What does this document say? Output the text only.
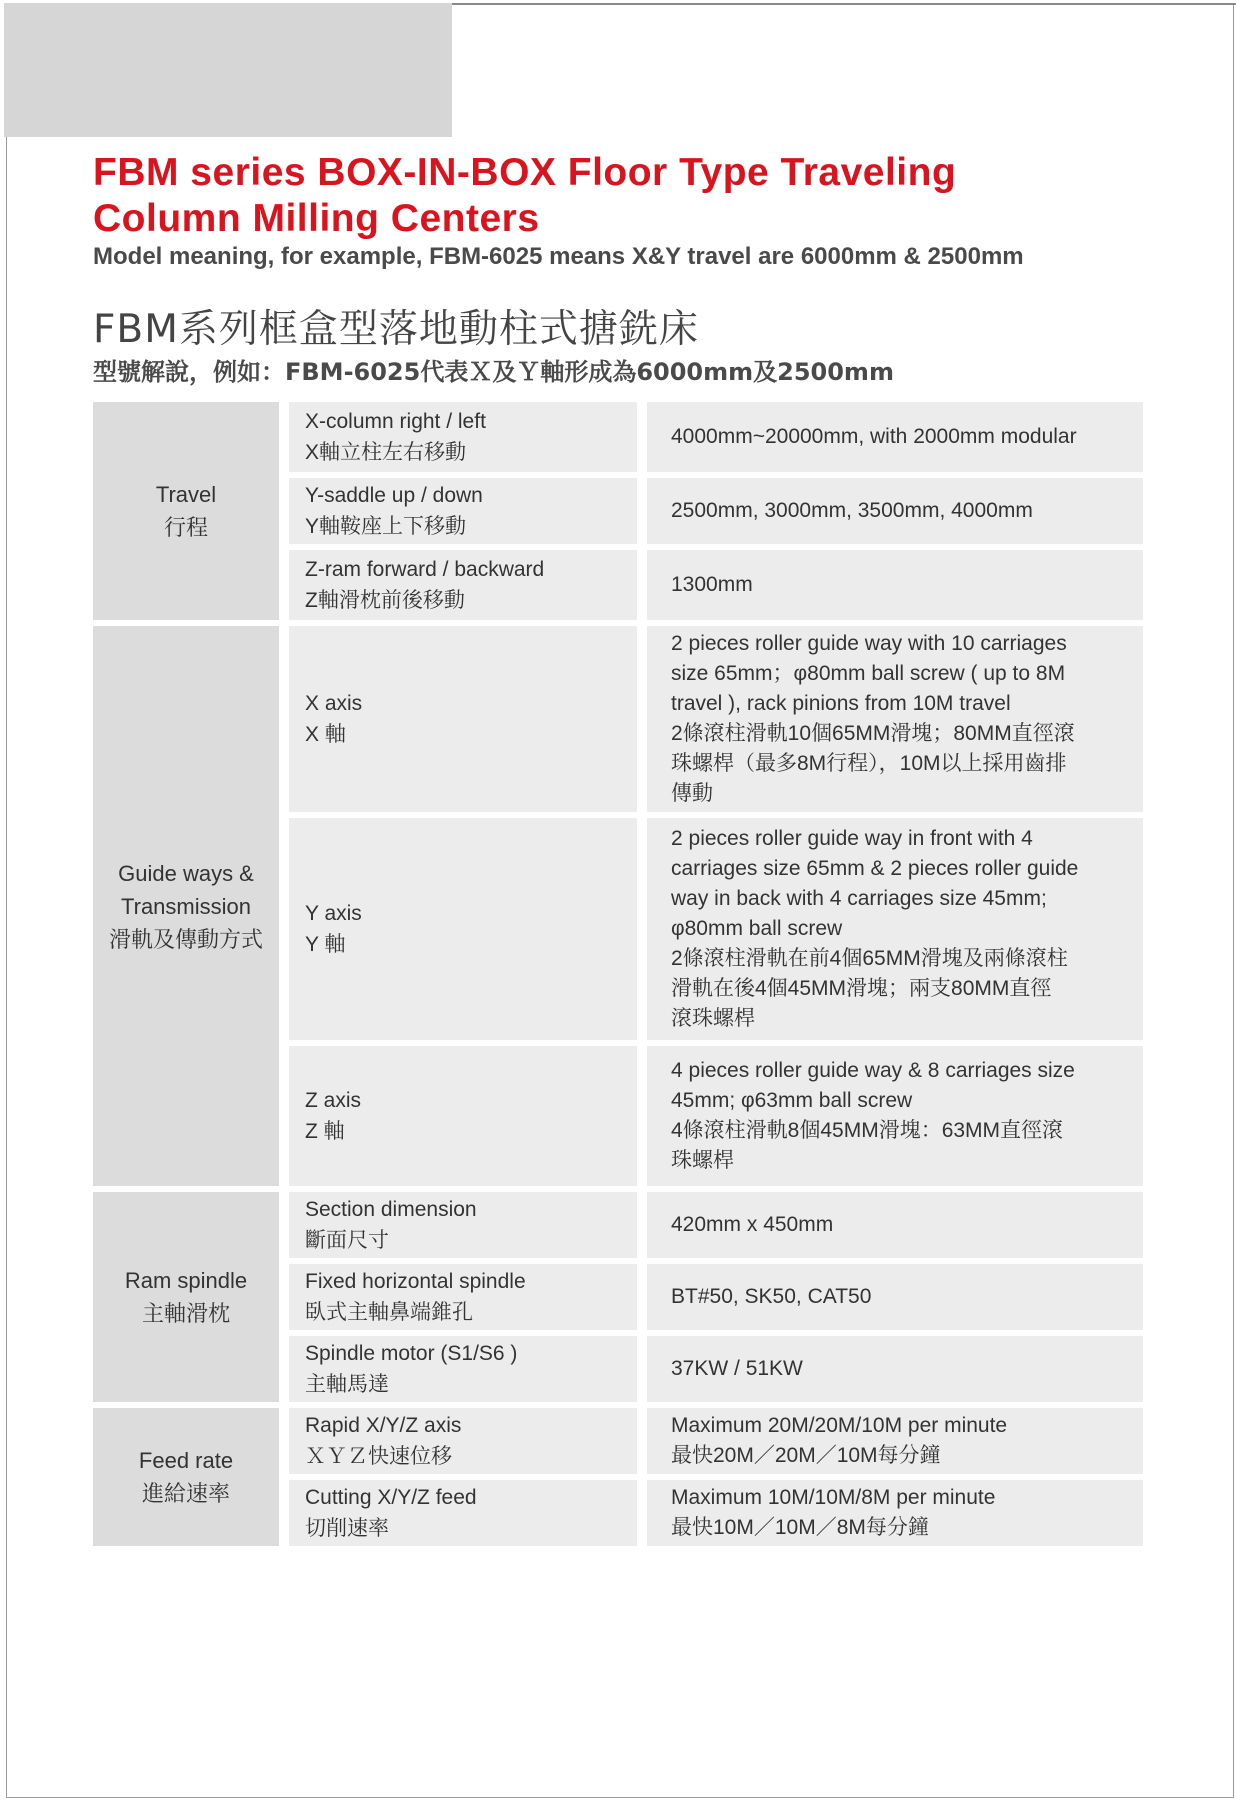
FBM series BOX-IN-BOX Floor Type Traveling
Column Milling Centers
Model meaning, for example, FBM-6025 means X&Y travel are 6000mm & 2500mm
FBM系列框盒型落地動柱式搪銑床
型號解說，例如：FBM-6025代表Ｘ及Ｙ軸形成為6000mm及2500mm
Travel
行程
X-column right / left
X軸立柱左右移動
4000mm~20000mm, with 2000mm modular
Y-saddle up / down
Y軸鞍座上下移動
2500mm, 3000mm, 3500mm, 4000mm
Z-ram forward / backward
Z軸滑枕前後移動
1300mm
Guide ways &
Transmission
滑軌及傳動方式
X axis
X 軸
2 pieces roller guide way with 10 carriages
size 65mm；φ80mm ball screw ( up to 8M
travel ), rack pinions from 10M travel
2條滾柱滑軌10個65MM滑塊；80MM直徑滾
珠螺桿（最多8M行程），10M以上採用齒排
傳動
Y axis
Y 軸
2 pieces roller guide way in front with 4
carriages size 65mm & 2 pieces roller guide
way in back with 4 carriages size 45mm;
φ80mm ball screw
2條滾柱滑軌在前4個65MM滑塊及兩條滾柱
滑軌在後4個45MM滑塊；兩支80MM直徑
滾珠螺桿
Z axis
Z 軸
4 pieces roller guide way & 8 carriages size
45mm; φ63mm ball screw
4條滾柱滑軌8個45MM滑塊：63MM直徑滾
珠螺桿
Ram spindle
主軸滑枕
Section dimension
斷面尺寸
420mm x 450mm
Fixed horizontal spindle
臥式主軸鼻端錐孔
BT#50, SK50, CAT50
Spindle motor (S1/S6 )
主軸馬達
37KW / 51KW
Feed rate
進給速率
Rapid X/Y/Z axis
ＸＹＺ快速位移
Maximum 20M/20M/10M per minute
最快20M／20M／10M每分鐘
Cutting X/Y/Z feed
切削速率
Maximum 10M/10M/8M per minute
最快10M／10M／8M每分鐘
